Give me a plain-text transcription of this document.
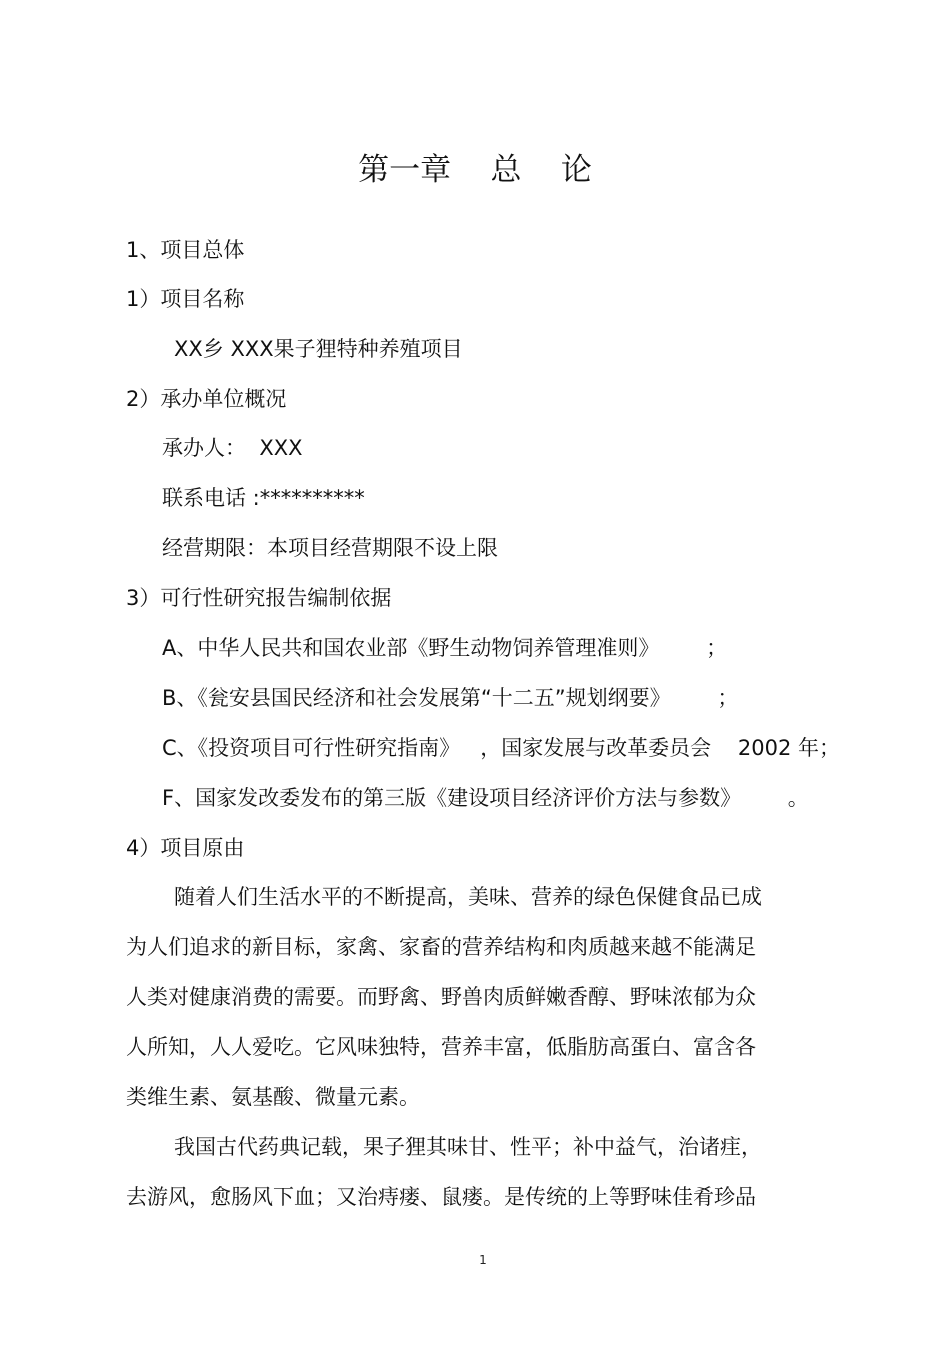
第一章    总    论
1、项目总体
1）项目名称
XX乡 XXX果子狸特种养殖项目
2）承办单位概况
承办人：  XXX
联系电话 :**********
经营期限：本项目经营期限不设上限
3）可行性研究报告编制依据
A、中华人民共和国农业部《野生动物饲养管理准则》       ；
B、《瓮安县国民经济和社会发展第“十二五”规划纲要》       ；
C、《投资项目可行性研究指南》   ，国家发展与改革委员会    2002 年；
F、国家发改委发布的第三版《建设项目经济评价方法与参数》       。
4）项目原由
随着人们生活水平的不断提高，美味、营养的绿色保健食品已成
为人们追求的新目标，家禽、家畜的营养结构和肉质越来越不能满足
人类对健康消费的需要。而野禽、野兽肉质鲜嫩香醇、野味浓郁为众
人所知，人人爱吃。它风味独特，营养丰富，低脂肪高蛋白、富含各
类维生素、氨基酸、微量元素。
我国古代药典记载，果子狸其味甘、性平；补中益气，治诸疰，
去游风，愈肠风下血；又治痔瘘、鼠瘘。是传统的上等野味佳肴珍品
1
